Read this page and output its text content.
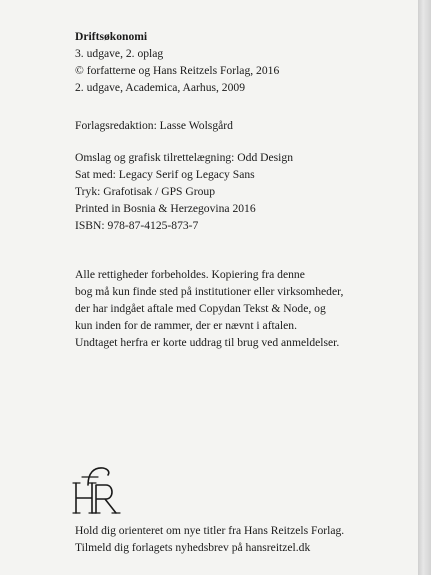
Driftsøkonomi
3. udgave, 2. oplag
© forfatterne og Hans Reitzels Forlag, 2016
2. udgave, Academica, Aarhus, 2009
Forlagsredaktion: Lasse Wolsgård
Omslag og grafisk tilrettelægning: Odd Design
Sat med: Legacy Serif og Legacy Sans
Tryk: Grafotisak / GPS Group
Printed in Bosnia & Herzegovina 2016
ISBN: 978-87-4125-873-7
Alle rettigheder forbeholdes. Kopiering fra denne
bog må kun finde sted på institutioner eller virksomheder,
der har indgået aftale med Copydan Tekst & Node, og
kun inden for de rammer, der er nævnt i aftalen.
Undtaget herfra er korte uddrag til brug ved anmeldelser.
Hold dig orienteret om nye titler fra Hans Reitzels Forlag.
Tilmeld dig forlagets nyhedsbrev på hansreitzel.dk
